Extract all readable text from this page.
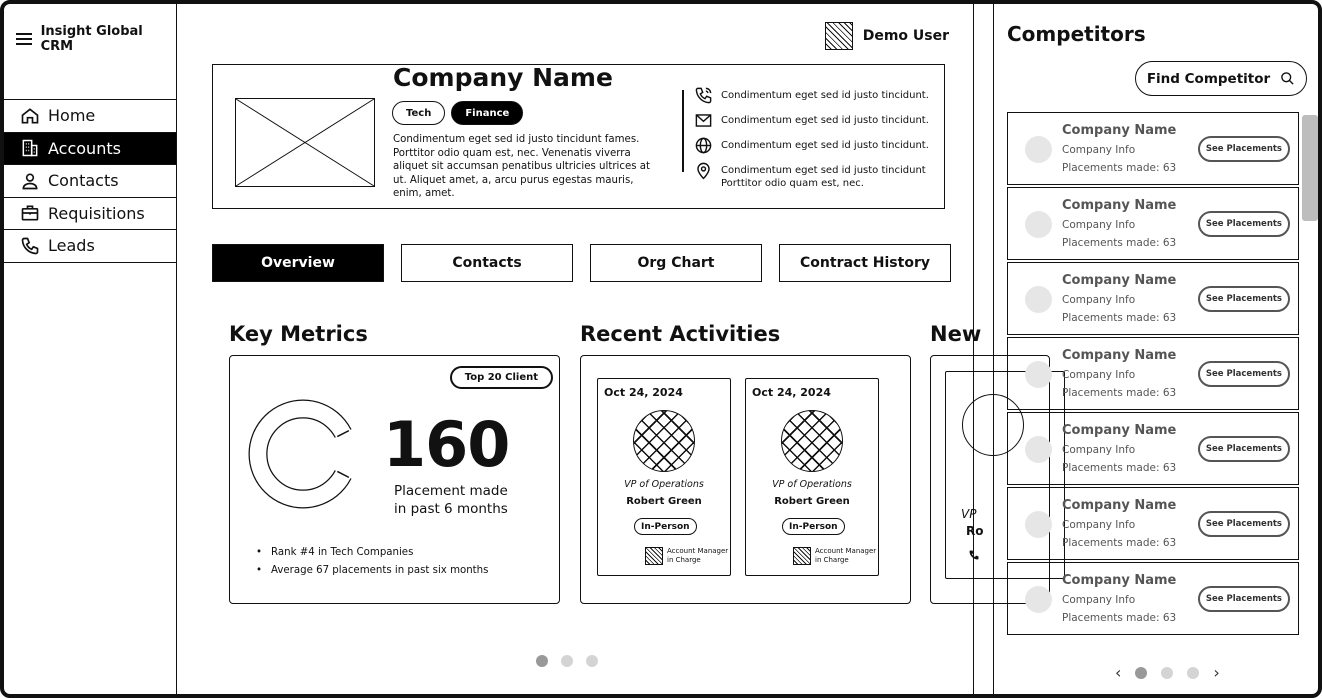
Insight Global CRM
Home
Accounts
Contacts
Requisitions
Leads
Demo User
Company Name
Tech	Finance
Condimentum eget sed id justo tincidunt fames. Porttitor odio quam est, nec. Venenatis viverra aliquet sit accumsan penatibus ultricies ultrices at ut. Aliquet amet, a, arcu purus egestas mauris, enim, amet.
Condimentum eget sed id justo tincidunt.
Condimentum eget sed id justo tincidunt.
Condimentum eget sed id justo tincidunt.
Condimentum eget sed id justo tincidunt Porttitor odio quam est, nec.
Overview	Contacts	Org Chart	Contract History
Key Metrics
Top 20 Client
160
Placement made in past 6 months
• Rank #4 in Tech Companies
• Average 67 placements in past six months
Recent Activities
Oct 24, 2024
VP of Operations
Robert Green
In-Person
Account Manager in Charge
Oct 24, 2024
VP of Operations
Robert Green
In-Person
Account Manager in Charge
New
VP
Ro
Competitors
Find Competitor
Company Name
Company Info
Placements made: 63
See Placements
Company Name
Company Info
Placements made: 63
See Placements
Company Name
Company Info
Placements made: 63
See Placements
Company Name
Company Info
Placements made: 63
See Placements
Company Name
Company Info
Placements made: 63
See Placements
Company Name
Company Info
Placements made: 63
See Placements
Company Name
Company Info
Placements made: 63
See Placements
‹	›
